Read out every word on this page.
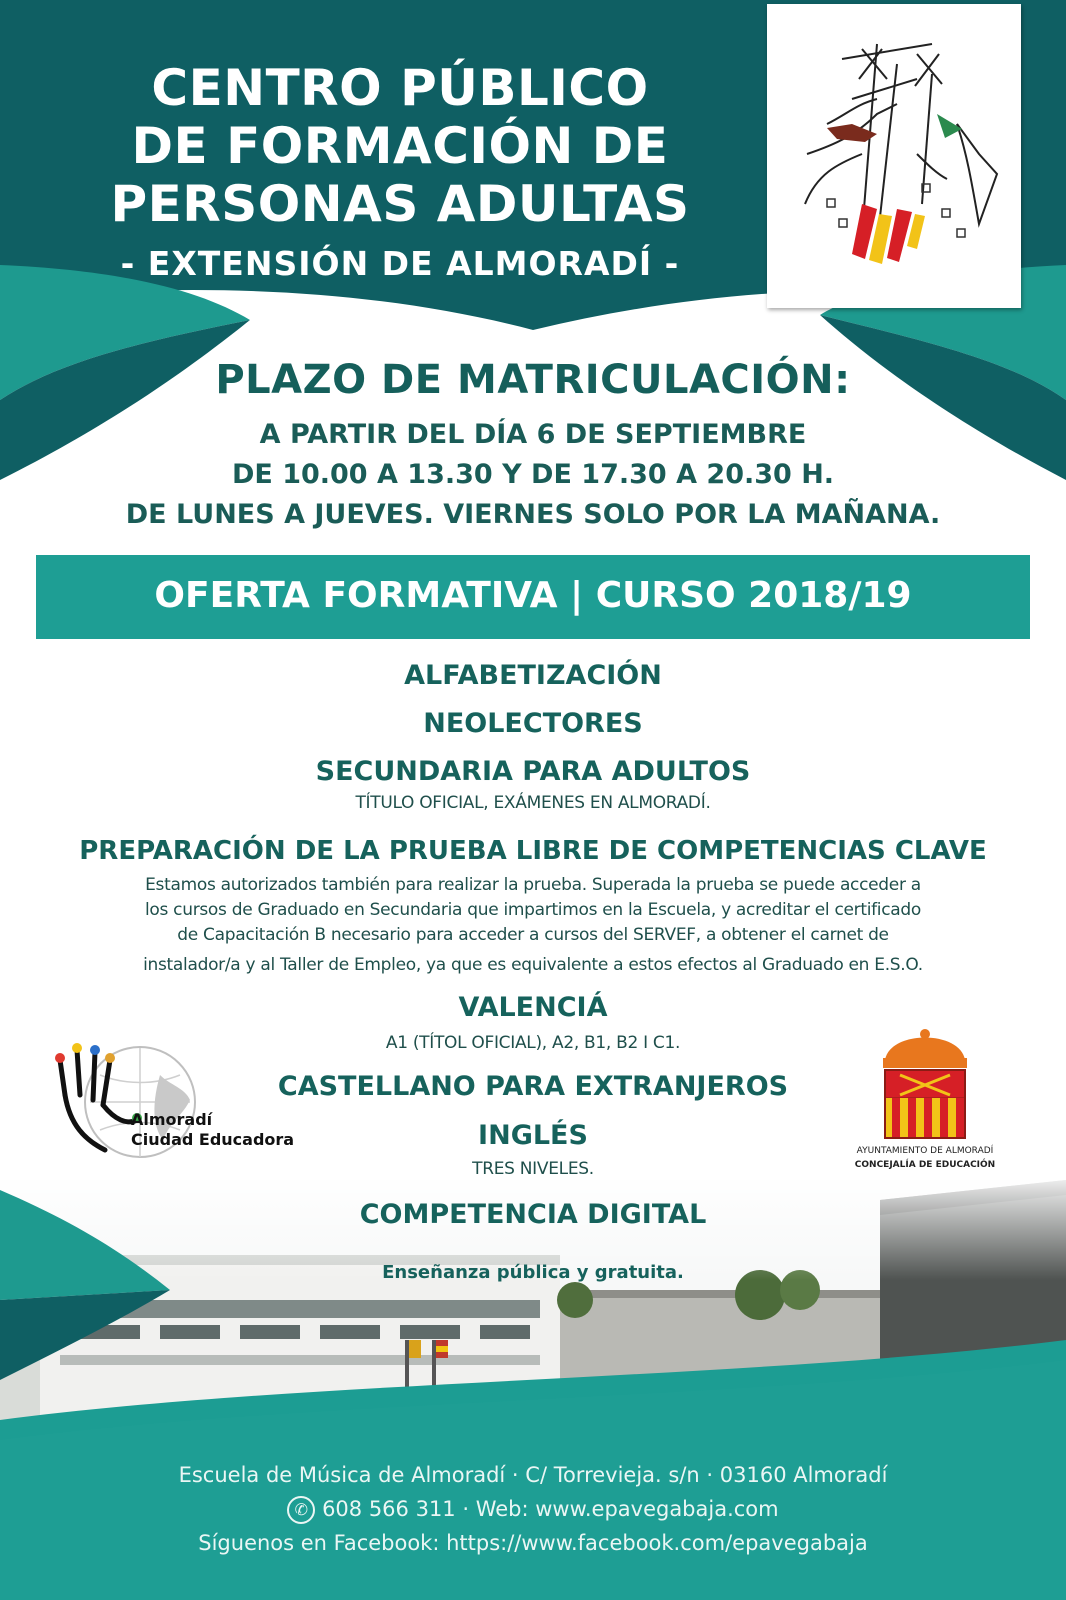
CENTRO PÚBLICO
DE FORMACIÓN DE
PERSONAS ADULTAS
- EXTENSIÓN DE ALMORADÍ -
PLAZO DE MATRICULACIÓN:
A PARTIR DEL DÍA 6 DE SEPTIEMBRE
DE 10.00 A 13.30 Y DE 17.30 A 20.30 H.
DE LUNES A JUEVES. VIERNES SOLO POR LA MAÑANA.
OFERTA FORMATIVA | CURSO 2018/19
ALFABETIZACIÓN
NEOLECTORES
SECUNDARIA PARA ADULTOS
TÍTULO OFICIAL, EXÁMENES EN ALMORADÍ.
PREPARACIÓN DE LA PRUEBA LIBRE DE COMPETENCIAS CLAVE
Estamos autorizados también para realizar la prueba. Superada la prueba se puede acceder a
los cursos de Graduado en Secundaria que impartimos en la Escuela, y acreditar el certificado
de Capacitación B necesario para acceder a cursos del SERVEF, a obtener el carnet de
instalador/a y al Taller de Empleo, ya que es equivalente a estos efectos al Graduado en E.S.O.
VALENCIÁ
A1 (TÍTOL OFICIAL), A2, B1, B2 I C1.
CASTELLANO PARA EXTRANJEROS
INGLÉS
TRES NIVELES.
COMPETENCIA DIGITAL
Enseñanza pública y gratuita.
Almoradí
Ciudad Educadora
AYUNTAMIENTO DE ALMORADÍ
CONCEJALÍA DE EDUCACIÓN
Escuela de Música de Almoradí · C/ Torrevieja. s/n · 03160 Almoradí
✆ 608 566 311 · Web: www.epavegabaja.com
Síguenos en Facebook: https://www.facebook.com/epavegabaja
